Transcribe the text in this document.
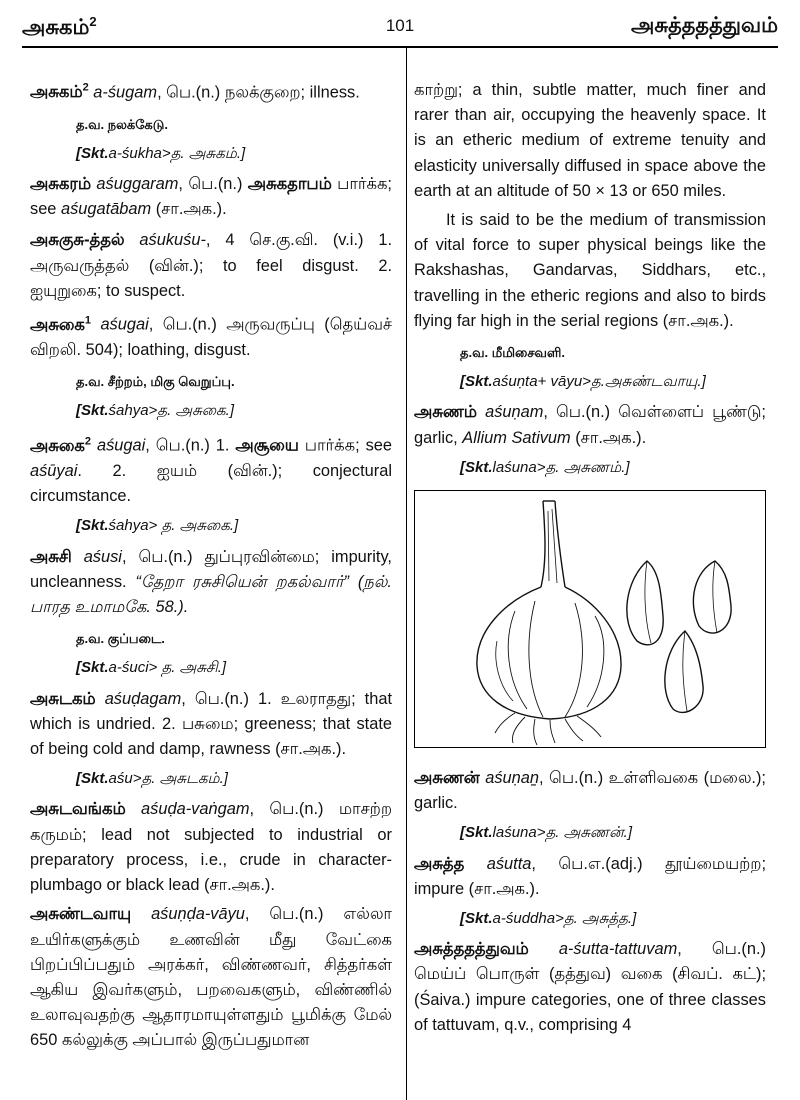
அசுகம்$^2$	101	அசுத்ததத்துவம்
அசுகம்$^2$ a-śugam, பெ.(n.) நலக்குறை; illness.
த.வ. நலக்கேடு.
[Skt.a-śukha>த. அசுகம்.]
அசுகரம் aśuggaram, பெ.(n.) அசுகதாபம் பார்க்க; see aśugatābam (சா.அக.).
அசுகுசு-த்தல் aśukuśu-, 4 செ.கு.வி. (v.i.) 1. அருவருத்தல் (வின்.); to feel disgust. 2. ஐயுறுகை; to suspect.
அசுகை$^1$ aśugai, பெ.(n.) அருவருப்பு (தெய்வச் விறலி. 504); loathing, disgust.
த.வ. சீற்றம், மிகு வெறுப்பு.
[Skt.śahya>த. அசுகை.]
அசுகை$^2$ aśugai, பெ.(n.) 1. அசூயை பார்க்க; see aśūyai. 2. ஐயம் (வின்.); conjectural circumstance.
[Skt.śahya> த. அசுகை.]
அசுசி aśusi, பெ.(n.) துப்புரவின்மை; impurity, uncleanness. “தேறா ரசுசியென் றகல்வார்” (நல். பாரத உமாமகே. 58.).
த.வ. குப்படை.
[Skt.a-śuci> த. அசுசி.]
அசுடகம் aśuḍagam, பெ.(n.) 1. உலராதது; that which is undried. 2. பசுமை; greeness; that state of being cold and damp, rawness (சா.அக.).
[Skt.aśu>த. அசுடகம்.]
அசுடவங்கம் aśuḍa-vaṅgam, பெ.(n.) மாசற்ற கருமம்; lead not subjected to industrial or preparatory process, i.e., crude in character-plumbago or black lead (சா.அக.).
அசுண்டவாயு aśuṇḍa-vāyu, பெ.(n.) எல்லா உயிர்களுக்கும் உணவின் மீது வேட்கை பிறப்பிப்பதும் அரக்கர், விண்ணவர், சித்தர்கள் ஆகிய இவர்களும், பறவைகளும், விண்ணில் உலாவுவதற்கு ஆதாரமாயுள்ளதும் பூமிக்கு மேல் 650 கல்லுக்கு அப்பால் இருப்பதுமான
காற்று; a thin, subtle matter, much finer and rarer than air, occupying the heavenly space. It is an etheric medium of extreme tenuity and elasticity universally diffused in space above the earth at an altitude of 50 × 13 or 650 miles.
It is said to be the medium of transmission of vital force to super physical beings like the Rakshashas, Gandarvas, Siddhars, etc., travelling in the etheric regions and also to birds flying far high in the serial regions (சா.அக.).
த.வ. மீமிசைவளி.
[Skt.aśuṇta+ vāyu>த.அசுண்டவாயு.]
அசுணம் aśuṇam, பெ.(n.) வெள்ளைப் பூண்டு; garlic, Allium Sativum (சா.அக.).
[Skt.laśuna>த. அசுணம்.]
அசுணன் aśuṇaṉ, பெ.(n.) உள்ளிவகை (மலை.); garlic.
[Skt.laśuna>த. அசுணன்.]
அசுத்த aśutta, பெ.எ.(adj.) தூய்மையற்ற; impure (சா.அக.).
[Skt.a-śuddha>த. அசுத்த.]
அசுத்ததத்துவம் a-śutta-tattuvam, பெ.(n.) மெய்ப் பொருள் (தத்துவ) வகை (சிவப். கட்); (Śaiva.) impure categories, one of three classes of tattuvam, q.v., comprising 4
